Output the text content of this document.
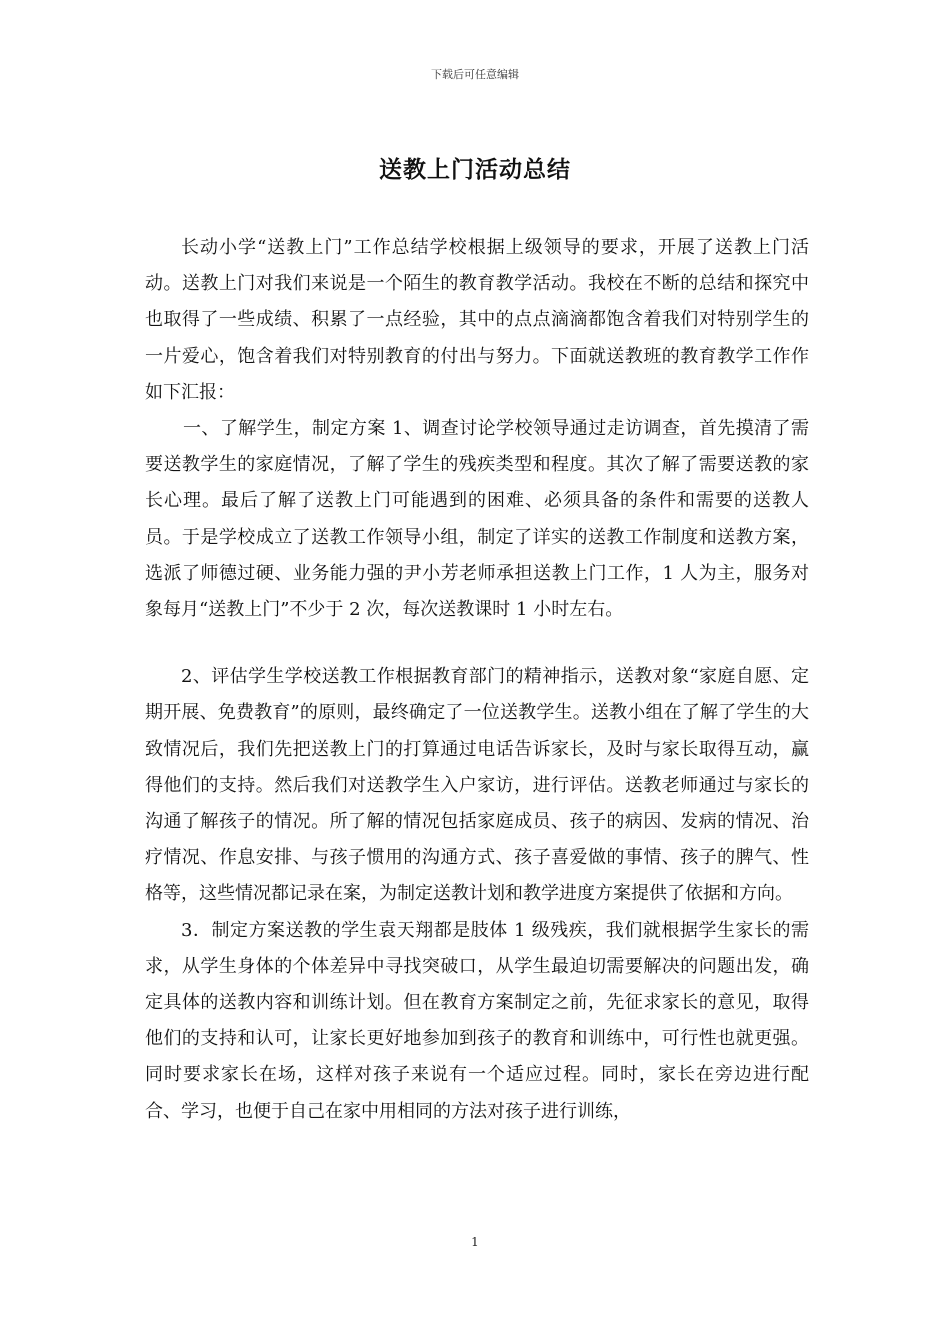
下载后可任意编辑
送教上门活动总结

长动小学“送教上门”工作总结学校根据上级领导的要求，开展了送教上门活动。送教上门对我们来说是一个陌生的教育教学活动。我校在不断的总结和探究中也取得了一些成绩、积累了一点经验，其中的点点滴滴都饱含着我们对特别学生的一片爱心，饱含着我们对特别教育的付出与努力。下面就送教班的教育教学工作作如下汇报：

一、了解学生，制定方案 1、调查讨论学校领导通过走访调查，首先摸清了需要送教学生的家庭情况，了解了学生的残疾类型和程度。其次了解了需要送教的家长心理。最后了解了送教上门可能遇到的困难、必须具备的条件和需要的送教人员。于是学校成立了送教工作领导小组，制定了详实的送教工作制度和送教方案，选派了师德过硬、业务能力强的尹小芳老师承担送教上门工作，1 人为主，服务对象每月“送教上门”不少于 2 次，每次送教课时 1 小时左右。

2、评估学生学校送教工作根据教育部门的精神指示，送教对象“家庭自愿、定期开展、免费教育”的原则，最终确定了一位送教学生。送教小组在了解了学生的大致情况后，我们先把送教上门的打算通过电话告诉家长，及时与家长取得互动，赢得他们的支持。然后我们对送教学生入户家访，进行评估。送教老师通过与家长的沟通了解孩子的情况。所了解的情况包括家庭成员、孩子的病因、发病的情况、治疗情况、作息安排、与孩子惯用的沟通方式、孩子喜爱做的事情、孩子的脾气、性格等，这些情况都记录在案，为制定送教计划和教学进度方案提供了依据和方向。

3．制定方案送教的学生袁天翔都是肢体 1 级残疾，我们就根据学生家长的需求，从学生身体的个体差异中寻找突破口，从学生最迫切需要解决的问题出发，确定具体的送教内容和训练计划。但在教育方案制定之前，先征求家长的意见，取得他们的支持和认可，让家长更好地参加到孩子的教育和训练中，可行性也就更强。同时要求家长在场，这样对孩子来说有一个适应过程。同时，家长在旁边进行配合、学习，也便于自己在家中用相同的方法对孩子进行训练，

1
